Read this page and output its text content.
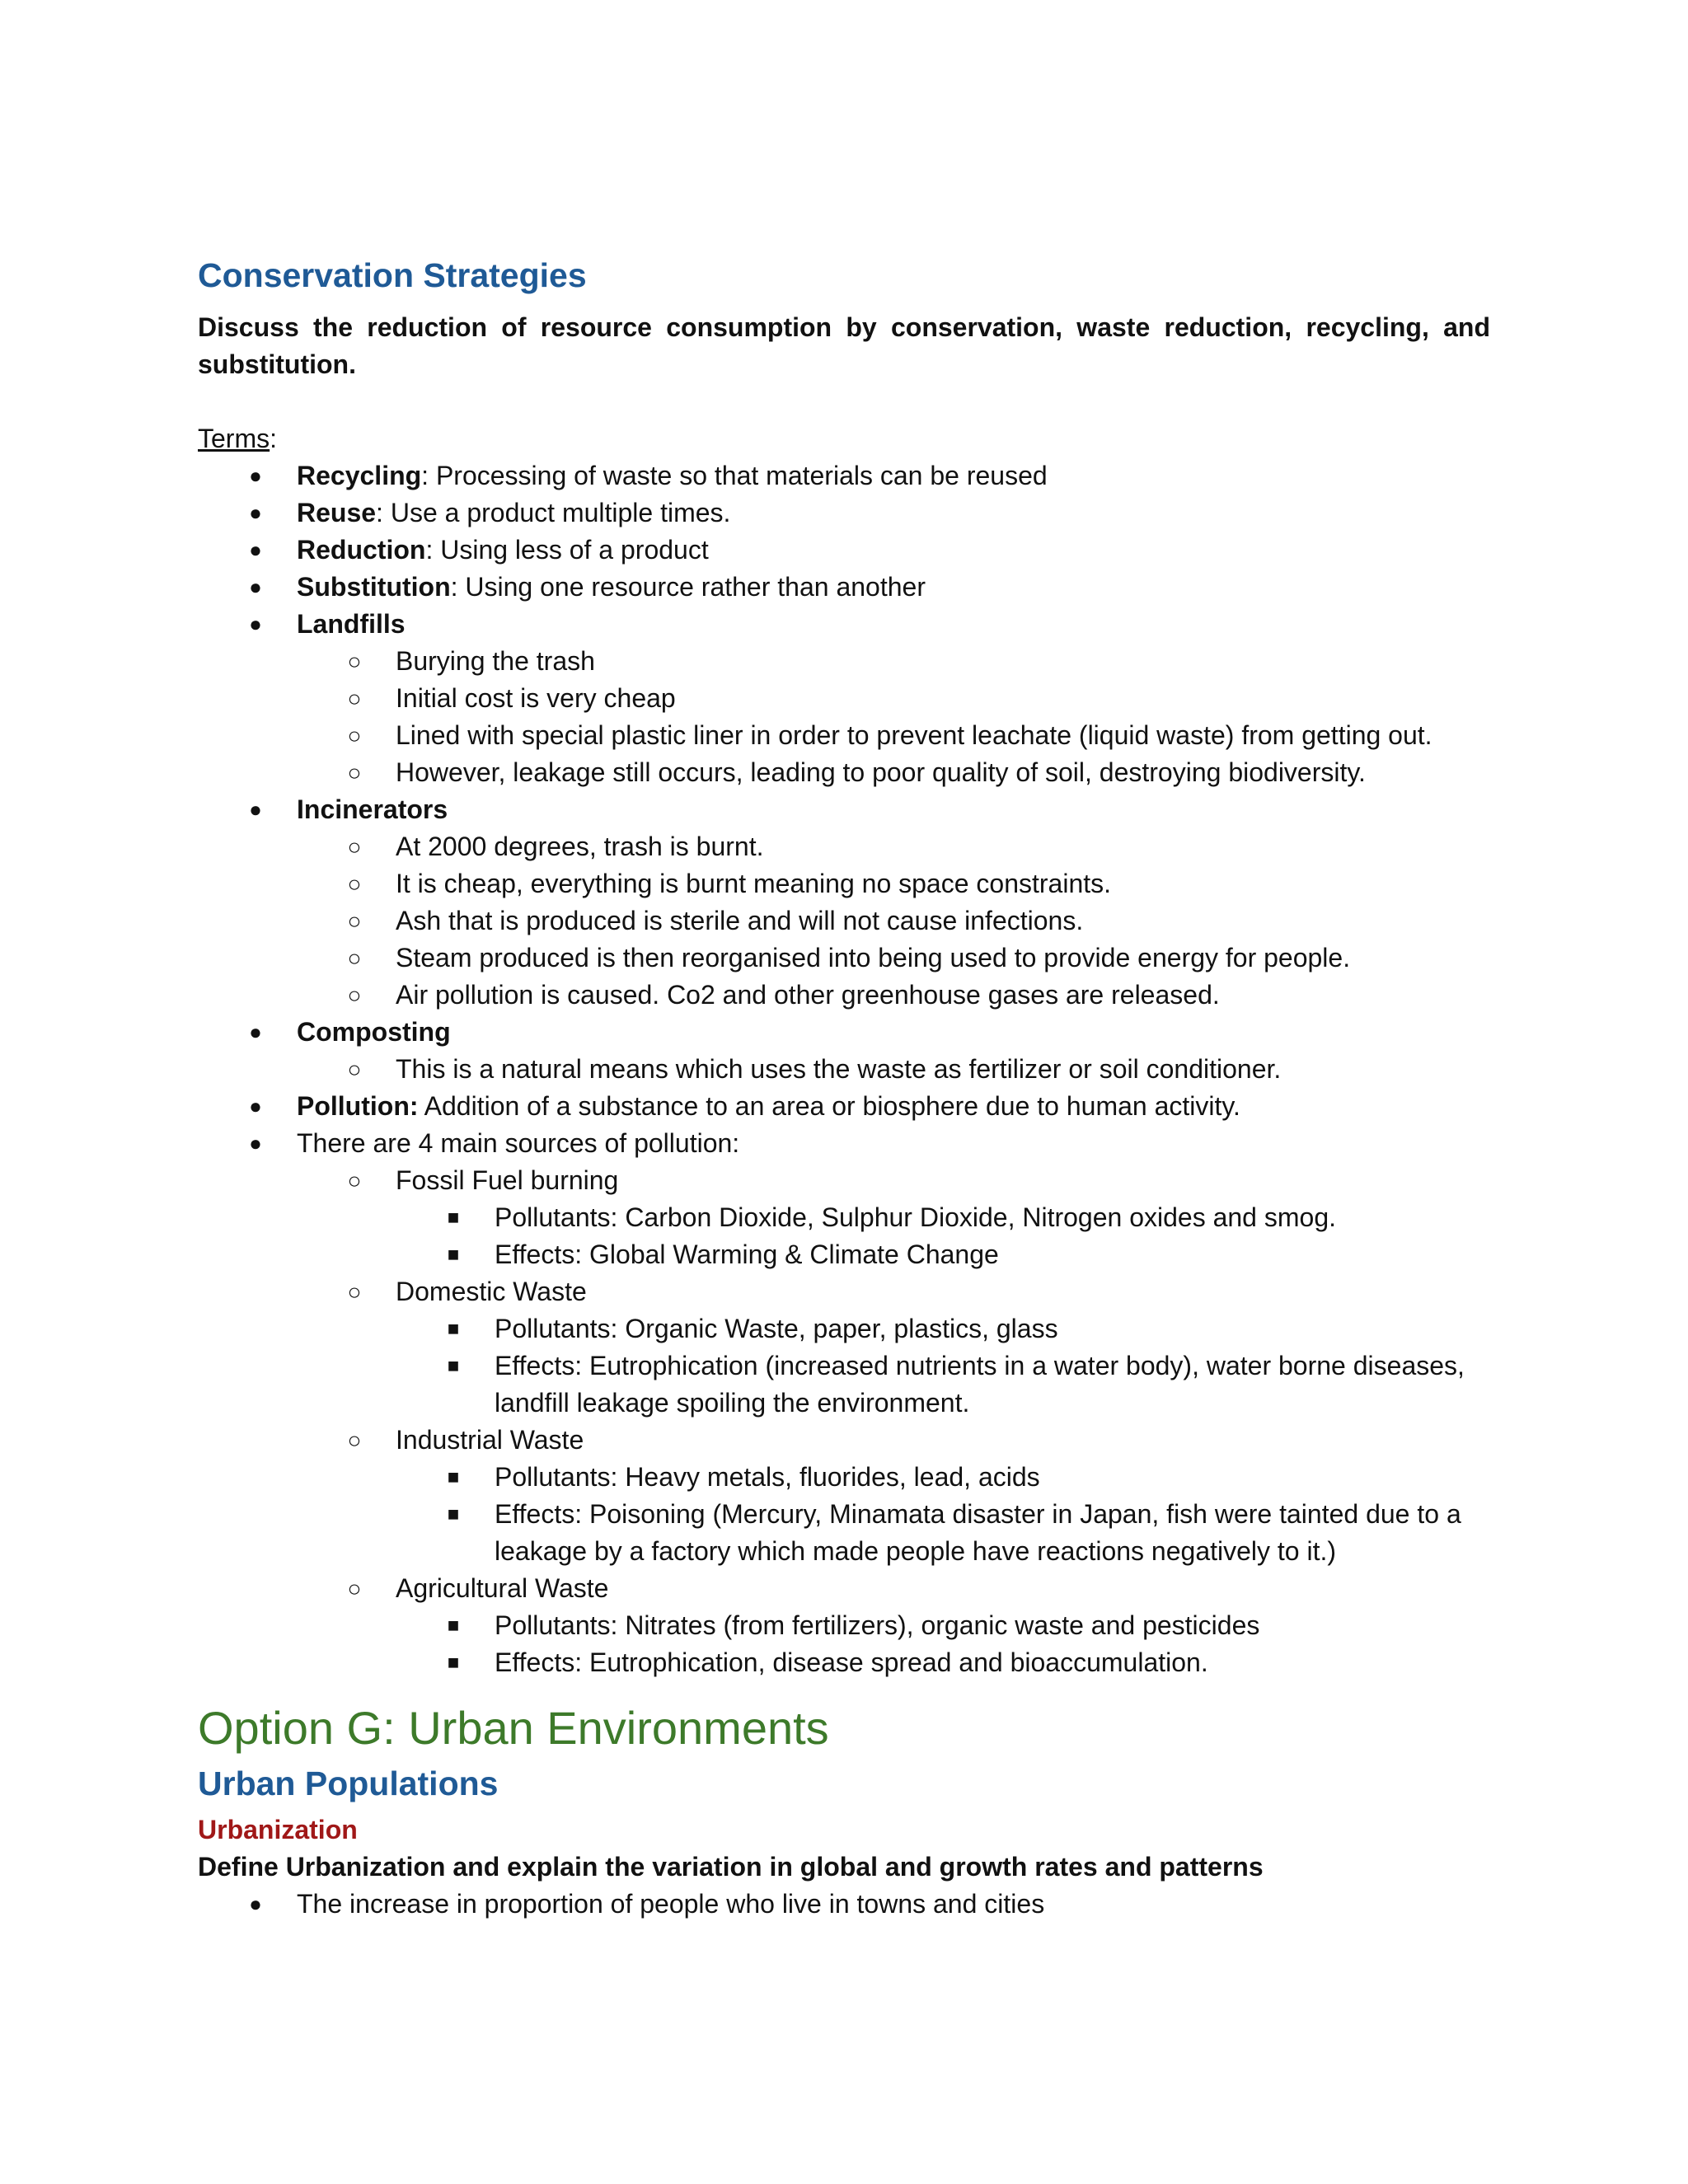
Conservation Strategies

Discuss the reduction of resource consumption by conservation, waste reduction, recycling, and substitution.

Terms:
●	Recycling: Processing of waste so that materials can be reused
●	Reuse: Use a product multiple times.
●	Reduction: Using less of a product
●	Substitution: Using one resource rather than another
●	Landfills
○	Burying the trash
○	Initial cost is very cheap
○	Lined with special plastic liner in order to prevent leachate (liquid waste) from getting out.
○	However, leakage still occurs, leading to poor quality of soil, destroying biodiversity.
●	Incinerators
○	At 2000 degrees, trash is burnt.
○	It is cheap, everything is burnt meaning no space constraints.
○	Ash that is produced is sterile and will not cause infections.
○	Steam produced is then reorganised into being used to provide energy for people.
○	Air pollution is caused. Co2 and other greenhouse gases are released.
●	Composting
○	This is a natural means which uses the waste as fertilizer or soil conditioner.
●	Pollution: Addition of a substance to an area or biosphere due to human activity.
●	There are 4 main sources of pollution:
○	Fossil Fuel burning
■	Pollutants: Carbon Dioxide, Sulphur Dioxide, Nitrogen oxides and smog.
■	Effects: Global Warming & Climate Change
○	Domestic Waste
■	Pollutants: Organic Waste, paper, plastics, glass
■	Effects: Eutrophication (increased nutrients in a water body), water borne diseases, landfill leakage spoiling the environment.
○	Industrial Waste
■	Pollutants: Heavy metals, fluorides, lead, acids
■	Effects: Poisoning (Mercury, Minamata disaster in Japan, fish were tainted due to a leakage by a factory which made people have reactions negatively to it.)
○	Agricultural Waste
■	Pollutants: Nitrates (from fertilizers), organic waste and pesticides
■	Effects: Eutrophication, disease spread and bioaccumulation.
Option G: Urban Environments
Urban Populations
Urbanization

Define Urbanization and explain the variation in global and growth rates and patterns

●	The increase in proportion of people who live in towns and cities
